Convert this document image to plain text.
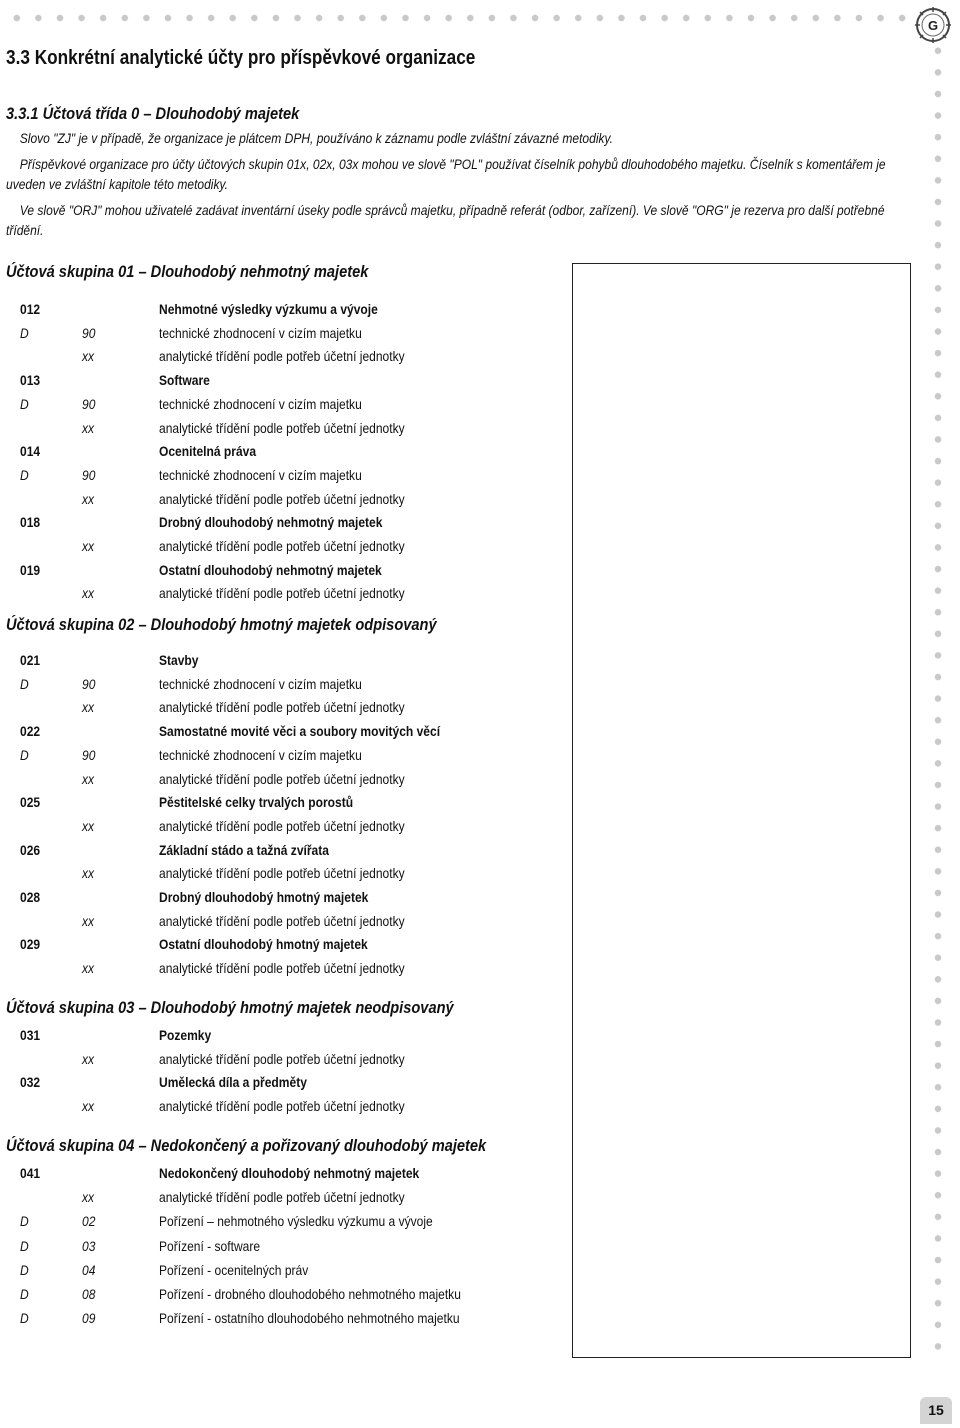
G
3.3 Konkrétní analytické účty pro příspěvkové organizace
3.3.1 Účtová třída 0 – Dlouhodobý majetek
Slovo "ZJ" je v případě, že organizace je plátcem DPH, používáno k záznamu podle zvláštní závazné metodiky.
Příspěvkové organizace pro účty účtových skupin 01x, 02x, 03x mohou ve slově "POL" používat číselník pohybů dlouhodobého majetku. Číselník s komentářem je uveden ve zvláštní kapitole této metodiky.
Ve slově "ORJ" mohou uživatelé zadávat inventární úseky podle správců majetku, případně referát (odbor, zařízení). Ve slově "ORG" je rezerva pro další potřebné třídění.
Účtová skupina 01 – Dlouhodobý nehmotný majetek
012	Nehmotné výsledky výzkumu a vývoje
D	90	technické zhodnocení v cizím majetku
xx	analytické třídění podle potřeb účetní jednotky
013	Software
D	90	technické zhodnocení v cizím majetku
xx	analytické třídění podle potřeb účetní jednotky
014	Ocenitelná práva
D	90	technické zhodnocení v cizím majetku
xx	analytické třídění podle potřeb účetní jednotky
018	Drobný dlouhodobý nehmotný majetek
xx	analytické třídění podle potřeb účetní jednotky
019	Ostatní dlouhodobý nehmotný majetek
xx	analytické třídění podle potřeb účetní jednotky
Účtová skupina 02 – Dlouhodobý hmotný majetek odpisovaný
021	Stavby
D	90	technické zhodnocení v cizím majetku
xx	analytické třídění podle potřeb účetní jednotky
022	Samostatné movité věci a soubory movitých věcí
D	90	technické zhodnocení v cizím majetku
xx	analytické třídění podle potřeb účetní jednotky
025	Pěstitelské celky trvalých porostů
xx	analytické třídění podle potřeb účetní jednotky
026	Základní stádo a tažná zvířata
xx	analytické třídění podle potřeb účetní jednotky
028	Drobný dlouhodobý hmotný majetek
xx	analytické třídění podle potřeb účetní jednotky
029	Ostatní dlouhodobý hmotný majetek
xx	analytické třídění podle potřeb účetní jednotky
Účtová skupina 03 – Dlouhodobý hmotný majetek neodpisovaný
031	Pozemky
xx	analytické třídění podle potřeb účetní jednotky
032	Umělecká díla a předměty
xx	analytické třídění podle potřeb účetní jednotky
Účtová skupina 04 – Nedokončený a pořizovaný dlouhodobý majetek
041	Nedokončený dlouhodobý nehmotný majetek
xx	analytické třídění podle potřeb účetní jednotky
D	02	Pořízení – nehmotného výsledku výzkumu a vývoje
D	03	Pořízení - software
D	04	Pořízení - ocenitelných práv
D	08	Pořízení - drobného dlouhodobého nehmotného majetku
D	09	Pořízení - ostatního dlouhodobého nehmotného majetku
15
